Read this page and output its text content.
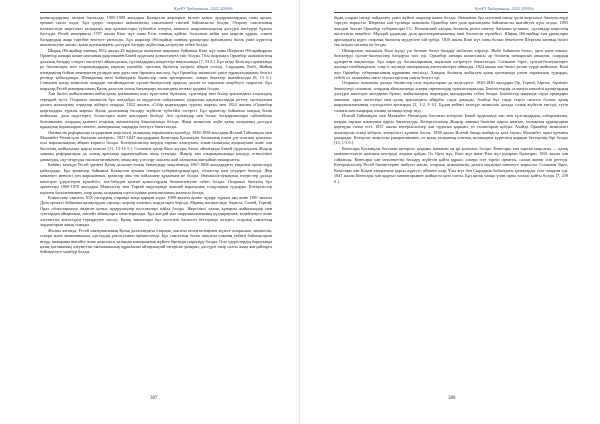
ҚазҰУ Хабаршысы. 2022 2(90)№

қонысаударушы тасқын басталды, 1905-1909 жылдары Қазақстан жерлеріне келген қоныс аударушылардың саны артып, ерекше сипат алды. Бұл үдеріс отаршыл әкімшіліктің саясатымен тікелей байланысты болды. Отарлау саясатының нәтижесінде жергілікті халықтың жер қатынастары түбегейлі өзгеріп, көшпелі шаруашылықтың дәстүрлі негіздері бұзыла бастады. Ресей империясы 1797 жылы Кіші жүз ханы Есім ханның қайтыс болуынан кейін хан кеңесін құрып, өлкені басқарудың жаңа тәртібін енгізуге ұмтылды. Бұл шаралар Әбілқайыр ханның ұрпақтары арасындағы билік үшін күрестің шиеленісуіне әкеліп, қазақ қоғамындағы дәстүрлі басқару жүйесінің әлсіреуіне себеп болды.

Ширақ Әбілқайыр ханның 1832 жылы 29 наурызда жазылған жарлығы бойынша Кіші жүз ханы Шерғазы Әбілқайырұлы Орынбор шекара комиссиясының рұқсатымен Бөкей ордасына қоныстануға тиіс болды. Осы жарлықта Орынбор әкімшілігінің далалық басқару ісіндегі өкілеттігі айқындалып, сұлтандардың міндеттері нақтыланды [7, 53 б.]. Бұл кезде Кіші жүз аумағында ру басшылары мен старшындардың ықпалы күшейіп, орталық биліктің әлсіреуі айқын сезілді. Сырдария, Ембі, Жайық өзендерінің бойын мекендеген руларда жер дауы мен барымта жиіледі, бұл Орынбор әкімшілігі үшін тұрақсыздықтың белгісі ретінде қабылданды. Шекаралық желі бойындағы бекіністер саны арттырылып, әскери бекеттер нығайтылды [8, 15 б.]. Сонымен қатар әкімшілік жаңадан тағайындалған сұлтан-билеушілер арқылы далаға өз ықпалын кеңейтуге тырысты. Бұл шаралар Ресей империясының Қазақ даласын толық бағындыру жолындағы кезекті қадамы болды.

Хан билігі жойылғаннан кейін қазақ қоғамының ішкі тұтастығы бұзылып, сұлтандар мен билер арасындағы алауыздық тереңдей түсті. Отаршыл әкімшілік бұл жағдайды өз мүддесіне пайдаланып, руаралық қақтығыстарды реттеу сылтауымен далаға жазалаушы отрядтар жіберіп отырды. 1822 жылғы «Сібір қырғыздары туралы жарғы» мен 1824 жылғы «Орынбор қырғыздары туралы жарғы» Қазақ даласының басқару жүйесін түбегейлі өзгертті. Бұл құжаттар бойынша хандық билік жойылып, дала округтерге, болыстарға және ауылдарға бөлінді. Аға сұлтандар мен болыс басқарушылары сайланбалы болғанымен, олардың қызметі отарлық әкімшіліктің бақылауында болды. Жаңа әкімшілік жүйе қазақ халқының дәстүрлі құқықтық нормаларын шектеп, империялық заңдарды енгізуге бағытталды.

Әкімшілік реформалар салдарынан жергілікті халықтың наразылығы күшейді. 1836-1838 жылдары Исатай Тайманұлы мен Махамбет Өтемісұлы бастаған көтеріліс, 1837-1847 жылдардағы Кенесары Қасымұлы басшылық еткен ұлт-азаттық қозғалыс осы наразылықтың айқын көрінісі болды. Көтерілісшілер жердің тартып алынуына, алым-салықтың ауырлауына және хан билігінің жойылуына қарсы шықты [11, 13-14 б.]. Сонымен қатар Кіші жүздің батыс аймағында Бөкей ордасындағы Жәңгір ханның реформалары да халық арасында қарама-қайшы пікір туғызды. Жәңгір хан отырықшылыққа көшуді, егіншілікті дамытуды, оқу-ағартуды насихаттағанымен, оның жер үлестіру саясаты жай халықтың жағдайын нашарлатты.

Кейінгі кезеңде Ресей үкіметі Қазақ даласын толық бағындыру мақсатында 1867-1868 жылдардағы уақытша ережелерді қабылдады. Бұл ережелер бойынша Қазақстан аумағы генерал-губернаторлықтарға, облыстар мен уездерге бөлінді. Жер мемлекет меншігі деп жарияланып, қазақтар оны тек пайдалану құқығына ие болды. Әкімшілік-аумақтық өзгерістер далада көші-қон үдерістерін күшейтіп, ата-бабадан қалған қоныстардың бөлшектенуіне себеп болды. Отаршыл биліктің бұл әрекеттері 1869-1870 жылдары Маңғыстау мен Торғай өңірлерінде жаппай наразылық толқуларын тудырды. Көтерілістер күшпен басылғанымен, олар қазақ халқының тәуелсіздікке ұмтылысының жалғасы болды.

Қоныстану саясаты ХІХ ғасырдың соңында жаңа қарқын алды. 1889 жылғы қоныс аудару туралы заң және 1891 жылғы Дала ережесі бойынша қазақтардан «артық» жерлер алынып, шаруаларға берілді. Мұның нәтижесінде Ақмола, Семей, Торғай, Орал облыстарында ондаған қоныс аударушылар поселкелері пайда болды. Жергілікті халық құнарлы жайылымдар мен суаттардан айырылып, шөлейт аймақтарға ығыстырылды. Бұл жағдай мал шаруашылығының құлдырауына, кедейленуге және әлеуметтік жіктелудің тереңдеуіне әкелді. Қазақ зиялылары бұл мәселені баспасөз беттерінде көтеріп, отарлық саясаттың зардаптарын ашық сынады.

Жалпы алғанда, Ресей империясының Қазақ даласындағы отарлық саясаты кезең-кезеңімен жүзеге асырылып, әкімшілік, әскери және экономикалық әдістердің ұштасуымен ерекшеленді. Бұл саясаттың басты мақсаты өлкенің табиғи байлықтарын игеру, шекараны нығайту және жергілікті халықты империялық жүйеге біртіндеп кіріктіру болды. Осы үдерістердің барысында қазақ қоғамының әлеуметтік-экономикалық құрылымы айтарлықтай өзгеріске ұшырап, дәстүрлі өмір салты жаңа жағдайларға бейімделуге мәжбүр болды.

387
ҚазҰУ Хабаршысы. 2022 2(90)№

бірақ оларды тиімді пайдалану үшін жүйелі шаралар қажет болды. Әкімшілік бұл мәселені шешу үшін жергілікті билеушілерді тартуға тырысты. Шерғазы хан тұсында әкімшілік Орынбор мен дала арасындағы байланысты нығайтуға күш салды. 1805 жылдан бастап Орынбор губернаторы Г.С. Волконский хандық биліктің рөлін шектеу бағытын ұстанып, сұлтандар кеңесінің өкілеттігін кеңейтті. Мұндай қадамдар дала аристократиясының ішкі бәсекесін күшейтті. Ширақ Әбілқайыр хан ұрпақтары арасындағы күрес отарлық биліктің мүддесіне сай өрбіді. 1816 жылы Кіші жүз ханы болып бекітілген Шерғазы ханның билігі тек атаулы сипатқа ие болды.

Шекаралық әкімшілік Кіші жүзді үш бөлікке бөліп басқару жобасын әзірледі. Жоба бойынша батыс, орта және шығыс бөліктерді сұлтан-билеушілер басқаруы тиіс еді. Орынбор шекара комиссиясы әр бөліктің шекарасын анықтап, олардың құзыретін нақтылады. Бұл шара ру басшыларының ықпалын әлсіретуге бағытталды. Сонымен бірге, сұлтан-билеушілерге жалақы тағайындалып, олар іс жүзінде империялық шенеуніктерге айналды. 1824 жылы хан билігі ресми түрде жойылып, Кіші жүз Орынбор губерниясының құрамына енгізілді. Хандық биліктің жойылуы қазақ қоғамында үлкен наразылық тудырды, себебі ол халықтың саяси тәуелсіздігінің соңғы белгісі еді.

Отаршыл әкімшілік далада бекіністер салу жұмыстарын да жеделдетті. 1830-1840 жылдары Ор, Торғай, Ырғыз, Ақмешіт бекіністері салынып, олардың айналасында әскери гарнизондар орналастырылды. Бекіністердің салынуы көшпелі қазақтардың дәстүрлі көші-қон жолдарын бұзып, жайылымдық жерлердің қысқаруына себеп болды. Бекіністер маңында сауда орындары ашылып, орыс көпестері мен қазақ арасындағы айырбас сауда дамыды. Алайда бұл сауда теңсіз сипатта болып, қазақ шаруашылығының тәуелділігін арттырды [2, 1-2, 6 б.]. Бұдан кейінгі кезеңде әкімшілік далада салық жүйесін енгізді, түтін салығы мен шаңырақ алымы халыққа ауыр тиді.

Исатай Тайманұлы мен Махамбет Өтемісұлы бастаған көтеріліс Бөкей ордасында хан мен сұлтандардың озбырлығына, жердің тартып алынуына қарсы бағытталды. Көтерілісшілер Жәңгір ханның билігіне қарсы шығып, халықтың құқықтарын қорғауды талап етті. 1837 жылы көтерілісшілер хан ордасын қоршап, өз талаптарын қойды. Алайда Орынбор әкімшілігі жазалаушы әскер жіберіп, көтерілісті күшпен басты. 1838 жылы Исатай батыр шайқаста қаза тауып, Махамбет ақын қуғынға ұшырады. Көтеріліс жеңіліске ұшырағанымен, ол қазақ халқының азаттық жолындағы күресінің жарқын беттерінің бірі болды [13, 1-3 б.].

Кенесары Қасымұлы бастаған көтеріліс ауқымы жағынан ең ірі қозғалыс болды. Кенесары хан тарихи мақсатты — қазақ мемлекеттілігін қалпына келтіруді алдына қойды. Ол Орта жүз, Кіші жүз және Ұлы жүз руларын біріктіріп, 1841 жылы хан сайланды. Кенесары хан мемлекеттік басқару жүйесін қайта құрып, әскери істе тәртіп орнатты, салық жинау ісін реттеді. Көтерілісшілер Ресей бекіністеріне шабуыл жасап, отарлық әкімшіліктің далаға ықпалын шектеуге тырысты. Сонымен бірге, Кенесары хан Қоқан хандығына қарсы күресті, өйткені олар Ұлы жүз бен Сырдария бойындағы қазақтарды езіп отырған еді. 1847 жылы Кенесары хан қырғыз манаптарымен шайқаста қаза тапты. Бұл қазақ халқы үшін орны толмас қайғы болды [7, 239 б.].

388
